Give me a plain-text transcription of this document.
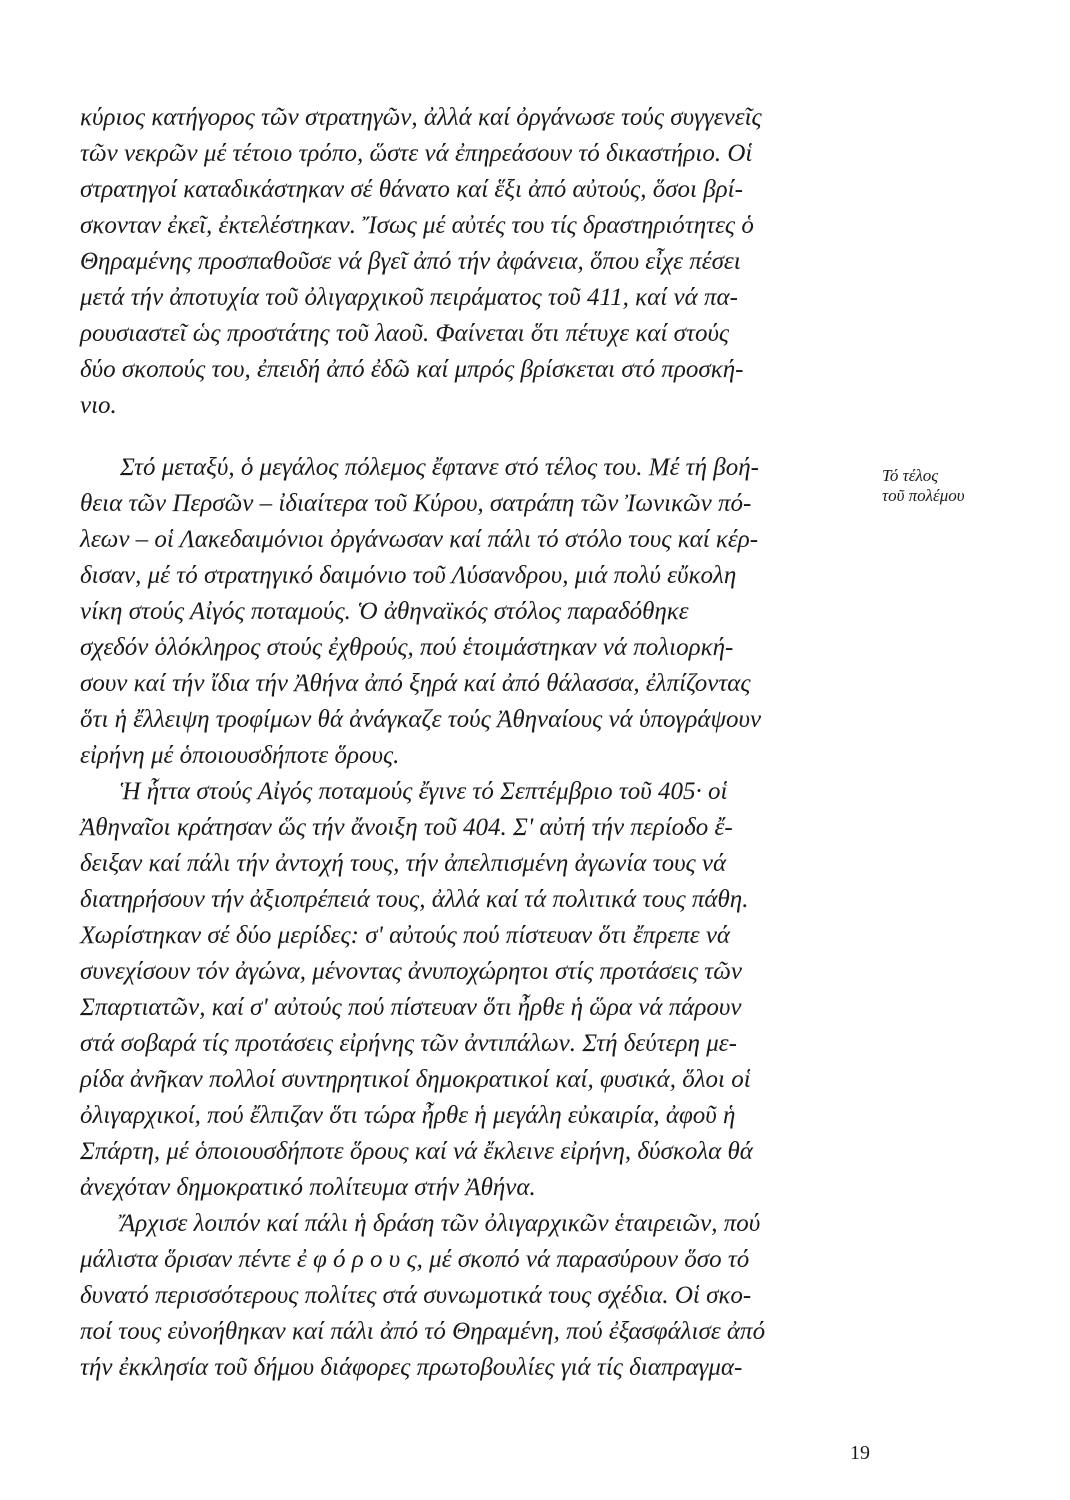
κύριος κατήγορος τῶν στρατηγῶν, ἀλλά καί ὀργάνωσε τούς συγγενεῖς

τῶν νεκρῶν μέ τέτοιο τρόπο, ὥστε νά ἐπηρεάσουν τό δικαστήριο. Οἱ

στρατηγοί καταδικάστηκαν σέ θάνατο καί ἕξι ἀπό αὐτούς, ὅσοι βρί-

σκονταν ἐκεῖ, ἐκτελέστηκαν. Ἴσως μέ αὐτές του τίς δραστηριότητες ὁ

Θηραμένης προσπαθοῦσε νά βγεῖ ἀπό τήν ἀφάνεια, ὅπου εἶχε πέσει

μετά τήν ἀποτυχία τοῦ ὀλιγαρχικοῦ πειράματος τοῦ 411, καί νά πα-

ρουσιαστεῖ ὡς προστάτης τοῦ λαοῦ. Φαίνεται ὅτι πέτυχε καί στούς

δύο σκοπούς του, ἐπειδή ἀπό ἐδῶ καί μπρός βρίσκεται στό προσκή-

νιο.

Στό μεταξύ, ὁ μεγάλος πόλεμος ἔφτανε στό τέλος του. Μέ τή βοή-

θεια τῶν Περσῶν – ἰδιαίτερα τοῦ Κύρου, σατράπη τῶν Ἰωνικῶν πό-

λεων – οἱ Λακεδαιμόνιοι ὀργάνωσαν καί πάλι τό στόλο τους καί κέρ-

δισαν, μέ τό στρατηγικό δαιμόνιο τοῦ Λύσανδρου, μιά πολύ εὔκολη

νίκη στούς Αἰγός ποταμούς. Ὁ ἀθηναϊκός στόλος παραδόθηκε

σχεδόν ὁλόκληρος στούς ἐχθρούς, πού ἑτοιμάστηκαν νά πολιορκή-

σουν καί τήν ἴδια τήν Ἀθήνα ἀπό ξηρά καί ἀπό θάλασσα, ἐλπίζοντας

ὅτι ἡ ἔλλειψη τροφίμων θά ἀνάγκαζε τούς Ἀθηναίους νά ὑπογράψουν

εἰρήνη μέ ὁποιουσδήποτε ὅρους.

Ἡ ἧττα στούς Αἰγός ποταμούς ἔγινε τό Σεπτέμβριο τοῦ 405· οἱ

Ἀθηναῖοι κράτησαν ὥς τήν ἄνοιξη τοῦ 404. Σ' αὐτή τήν περίοδο ἔ-

δειξαν καί πάλι τήν ἀντοχή τους, τήν ἀπελπισμένη ἀγωνία τους νά

διατηρήσουν τήν ἀξιοπρέπειά τους, ἀλλά καί τά πολιτικά τους πάθη.

Χωρίστηκαν σέ δύο μερίδες: σ' αὐτούς πού πίστευαν ὅτι ἔπρεπε νά

συνεχίσουν τόν ἀγώνα, μένοντας ἀνυποχώρητοι στίς προτάσεις τῶν

Σπαρτιατῶν, καί σ' αὐτούς πού πίστευαν ὅτι ἦρθε ἡ ὥρα νά πάρουν

στά σοβαρά τίς προτάσεις εἰρήνης τῶν ἀντιπάλων. Στή δεύτερη με-

ρίδα ἀνῆκαν πολλοί συντηρητικοί δημοκρατικοί καί, φυσικά, ὅλοι οἱ

ὀλιγαρχικοί, πού ἔλπιζαν ὅτι τώρα ἦρθε ἡ μεγάλη εὐκαιρία, ἀφοῦ ἡ

Σπάρτη, μέ ὁποιουσδήποτε ὅρους καί νά ἔκλεινε εἰρήνη, δύσκολα θά

ἀνεχόταν δημοκρατικό πολίτευμα στήν Ἀθήνα.

Ἄρχισε λοιπόν καί πάλι ἡ δράση τῶν ὀλιγαρχικῶν ἑταιρειῶν, πού

μάλιστα ὅρισαν πέντε ἐ φ ό ρ ο υ ς, μέ σκοπό νά παρασύρουν ὅσο τό

δυνατό περισσότερους πολίτες στά συνωμοτικά τους σχέδια. Οἱ σκο-

ποί τους εὐνοήθηκαν καί πάλι ἀπό τό Θηραμένη, πού ἐξασφάλισε ἀπό

τήν ἐκκλησία τοῦ δήμου διάφορες πρωτοβουλίες γιά τίς διαπραγμα-

Τό τέλος
τοῦ πολέμου
19
